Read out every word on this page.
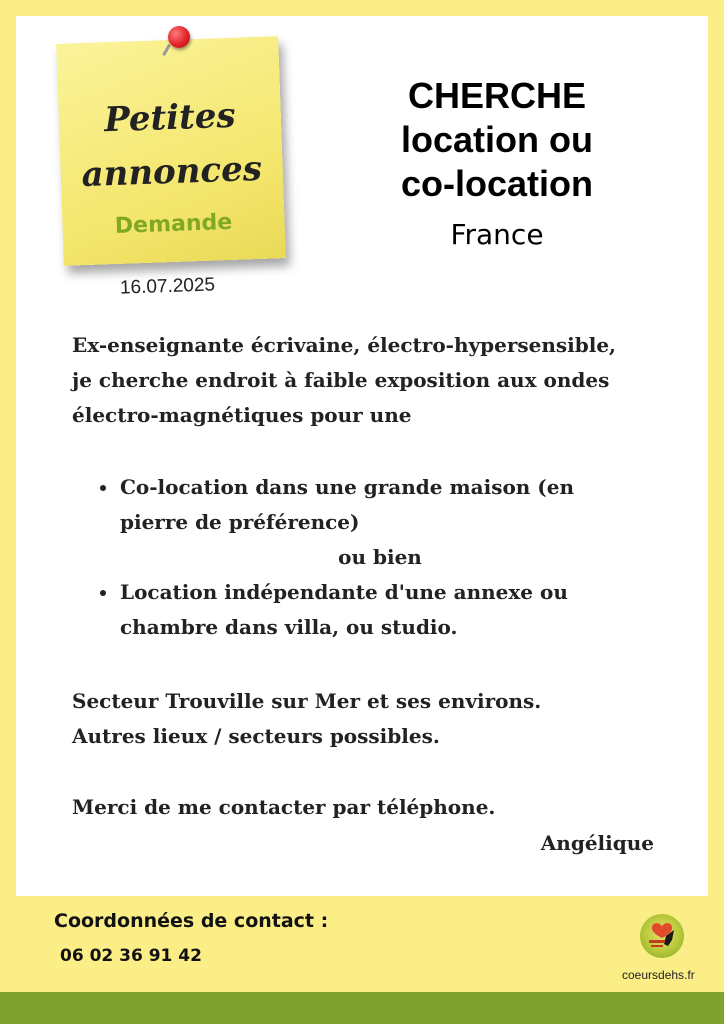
Petites
annonces
Demande
16.07.2025
CHERCHE
location ou
co-location
France
Ex-enseignante écrivaine, électro-hypersensible,
je cherche endroit à faible exposition aux ondes
électro-magnétiques pour une
Co-location dans une grande maison (en
pierre de préférence)
ou bien
Location indépendante d'une annexe ou
chambre dans villa, ou studio.
Secteur Trouville sur Mer et ses environs.
Autres lieux / secteurs possibles.
Merci de me contacter par téléphone.
Angélique
Coordonnées de contact :
06 02 36 91 42
coeursdehs.fr
